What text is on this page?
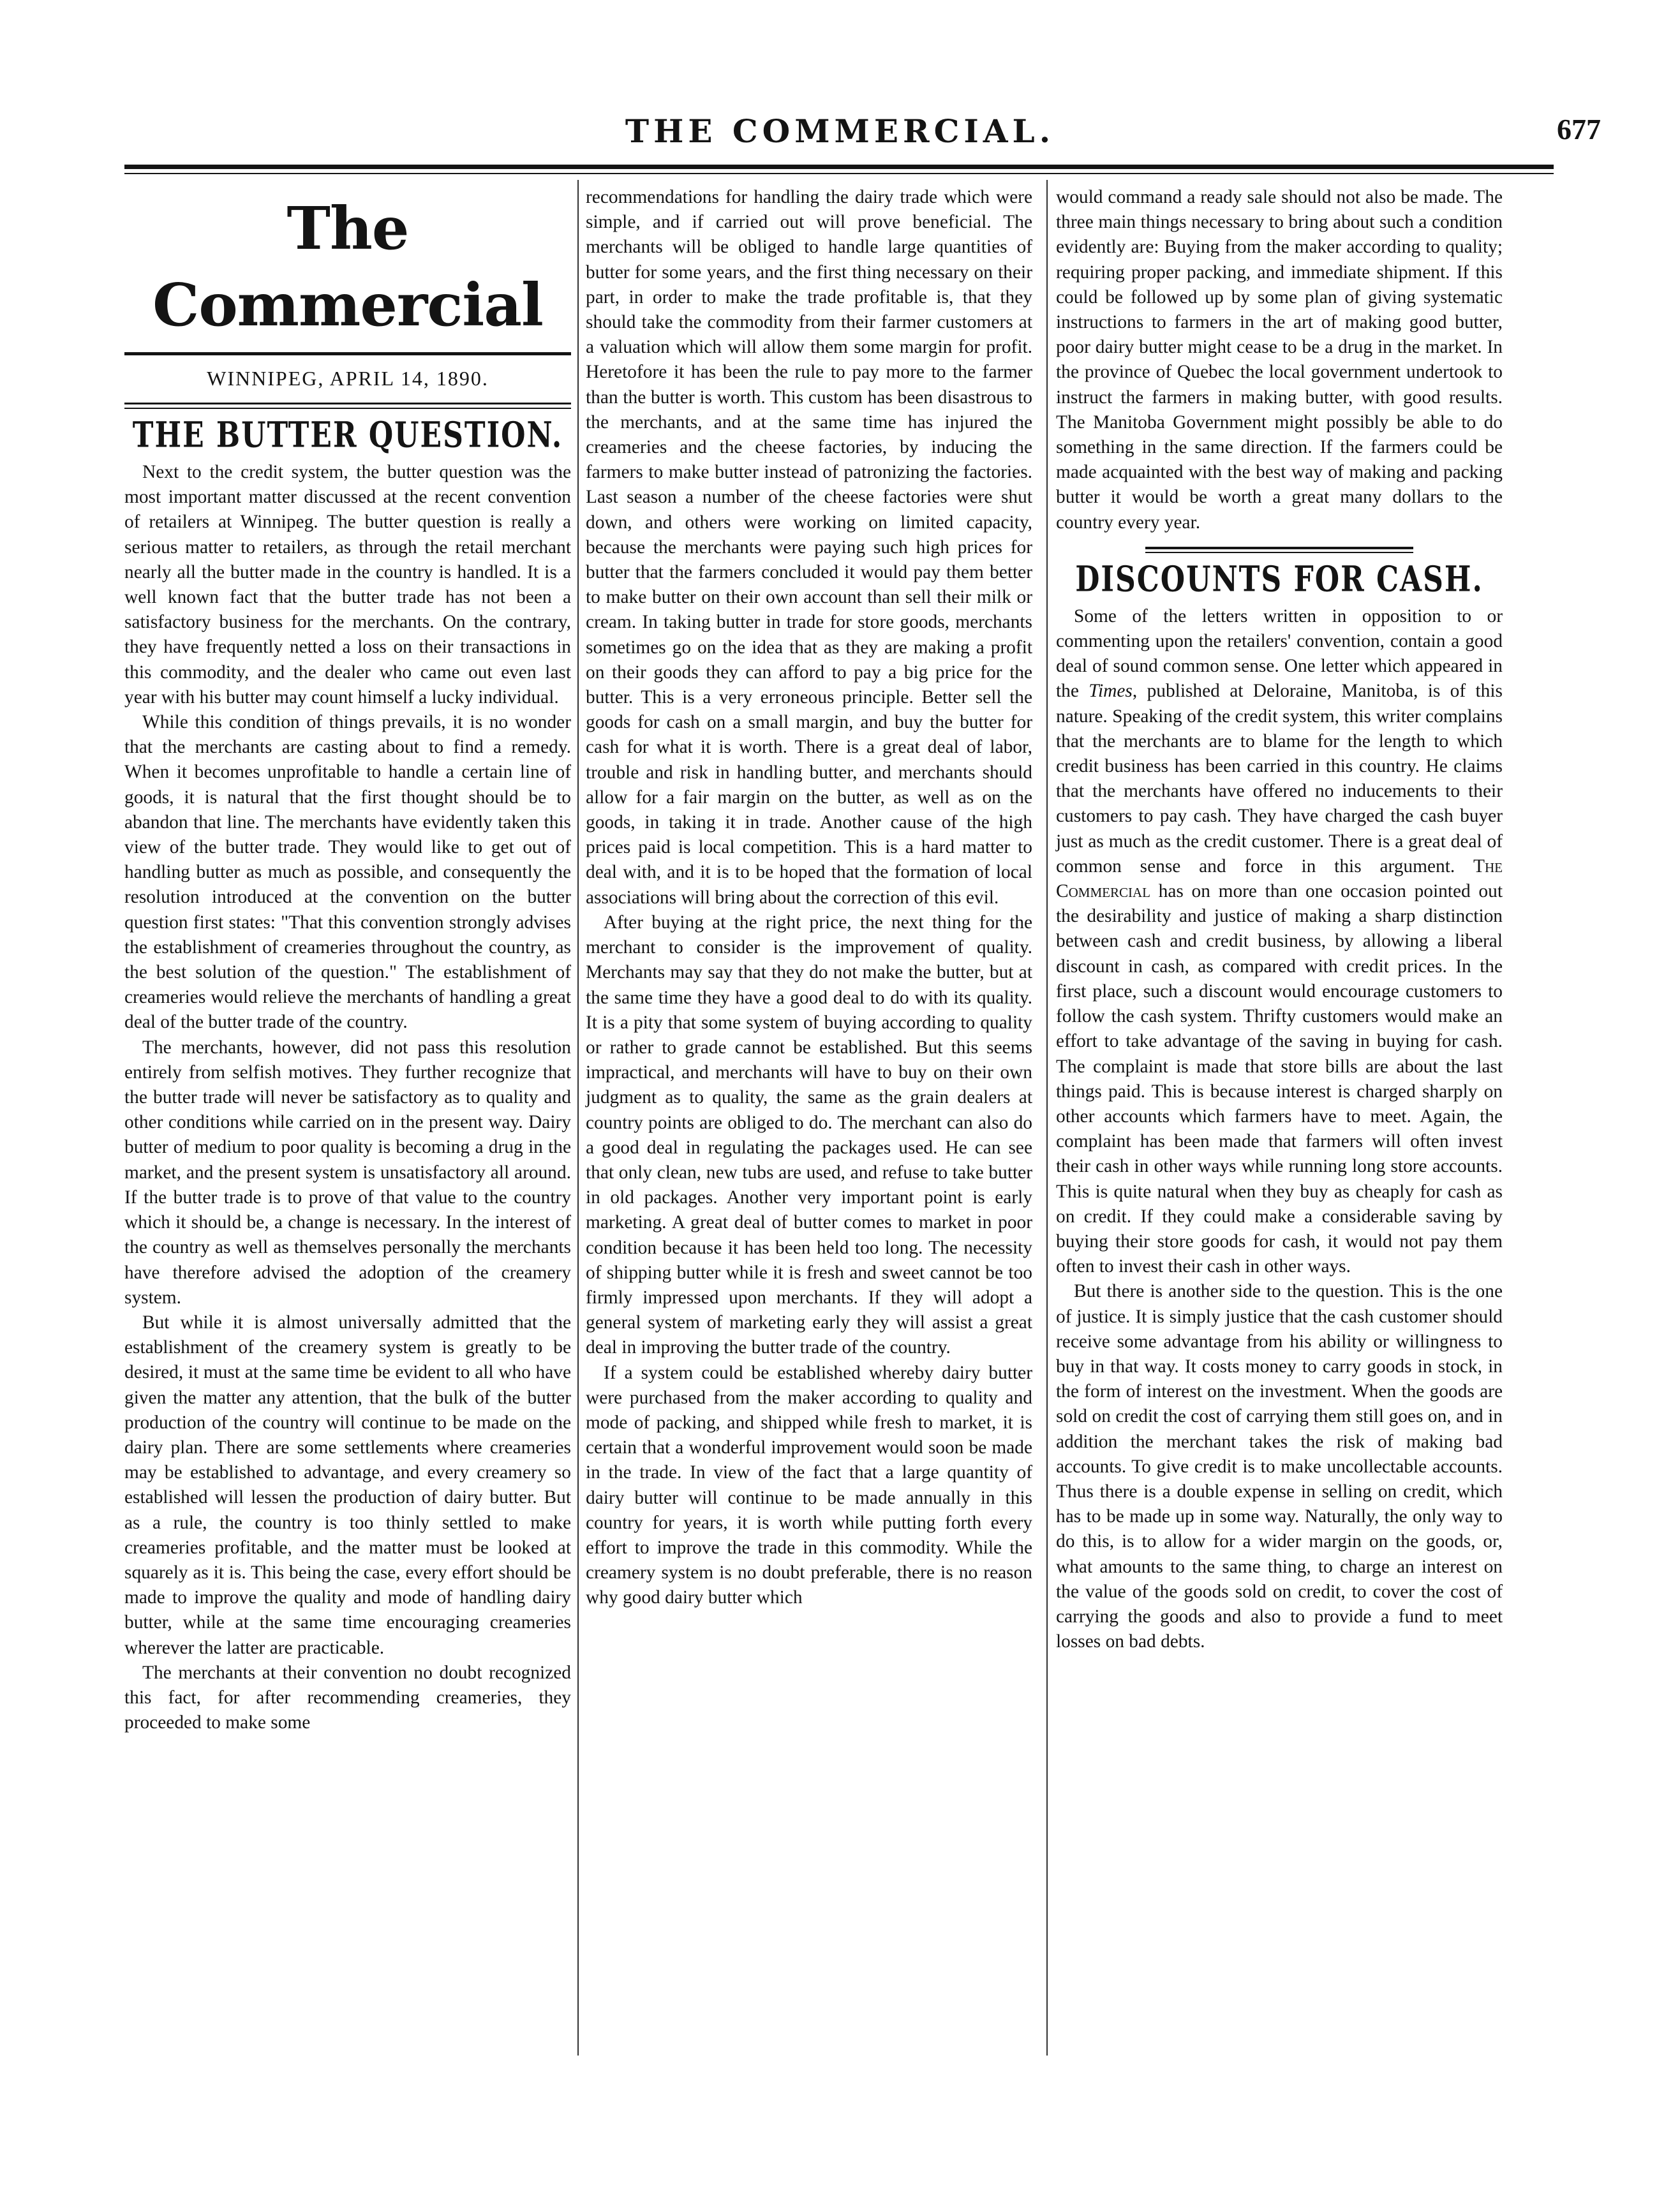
THE COMMERCIAL.	677
The Commercial
WINNIPEG, APRIL 14, 1890.
THE BUTTER QUESTION.

Next to the credit system, the butter question was the most important matter discussed at the recent convention of retailers at Winnipeg. The butter question is really a serious matter to retailers, as through the retail merchant nearly all the butter made in the country is handled. It is a well known fact that the butter trade has not been a satisfactory business for the merchants. On the contrary, they have frequently netted a loss on their transactions in this commodity, and the dealer who came out even last year with his butter may count himself a lucky individual.

While this condition of things prevails, it is no wonder that the merchants are casting about to find a remedy. When it becomes unprofitable to handle a certain line of goods, it is natural that the first thought should be to abandon that line. The merchants have evidently taken this view of the butter trade. They would like to get out of handling butter as much as possible, and consequently the resolution introduced at the convention on the butter question first states: "That this convention strongly advises the establishment of creameries throughout the country, as the best solution of the question." The establishment of creameries would relieve the merchants of handling a great deal of the butter trade of the country.

The merchants, however, did not pass this resolution entirely from selfish motives. They further recognize that the butter trade will never be satisfactory as to quality and other conditions while carried on in the present way. Dairy butter of medium to poor quality is becoming a drug in the market, and the present system is unsatisfactory all around. If the butter trade is to prove of that value to the country which it should be, a change is necessary. In the interest of the country as well as themselves personally the merchants have therefore advised the adoption of the creamery system.

But while it is almost universally admitted that the establishment of the creamery system is greatly to be desired, it must at the same time be evident to all who have given the matter any attention, that the bulk of the butter production of the country will continue to be made on the dairy plan. There are some settlements where creameries may be established to advantage, and every creamery so established will lessen the production of dairy butter. But as a rule, the country is too thinly settled to make creameries profitable, and the matter must be looked at squarely as it is. This being the case, every effort should be made to improve the quality and mode of handling dairy butter, while at the same time encouraging creameries wherever the latter are practicable.

The merchants at their convention no doubt recognized this fact, for after recommending creameries, they proceeded to make some

recommendations for handling the dairy trade which were simple, and if carried out will prove beneficial. The merchants will be obliged to handle large quantities of butter for some years, and the first thing necessary on their part, in order to make the trade profitable is, that they should take the commodity from their farmer customers at a valuation which will allow them some margin for profit. Heretofore it has been the rule to pay more to the farmer than the butter is worth. This custom has been disastrous to the merchants, and at the same time has injured the creameries and the cheese factories, by inducing the farmers to make butter instead of patronizing the factories. Last season a number of the cheese factories were shut down, and others were working on limited capacity, because the merchants were paying such high prices for butter that the farmers concluded it would pay them better to make butter on their own account than sell their milk or cream. In taking butter in trade for store goods, merchants sometimes go on the idea that as they are making a profit on their goods they can afford to pay a big price for the butter. This is a very erroneous principle. Better sell the goods for cash on a small margin, and buy the butter for cash for what it is worth. There is a great deal of labor, trouble and risk in handling butter, and merchants should allow for a fair margin on the butter, as well as on the goods, in taking it in trade. Another cause of the high prices paid is local competition. This is a hard matter to deal with, and it is to be hoped that the formation of local associations will bring about the correction of this evil.

After buying at the right price, the next thing for the merchant to consider is the improvement of quality. Merchants may say that they do not make the butter, but at the same time they have a good deal to do with its quality. It is a pity that some system of buying according to quality or rather to grade cannot be established. But this seems impractical, and merchants will have to buy on their own judgment as to quality, the same as the grain dealers at country points are obliged to do. The merchant can also do a good deal in regulating the packages used. He can see that only clean, new tubs are used, and refuse to take butter in old packages. Another very important point is early marketing. A great deal of butter comes to market in poor condition because it has been held too long. The necessity of shipping butter while it is fresh and sweet cannot be too firmly impressed upon merchants. If they will adopt a general system of marketing early they will assist a great deal in improving the butter trade of the country.

If a system could be established whereby dairy butter were purchased from the maker according to quality and mode of packing, and shipped while fresh to market, it is certain that a wonderful improvement would soon be made in the trade. In view of the fact that a large quantity of dairy butter will continue to be made annually in this country for years, it is worth while putting forth every effort to improve the trade in this commodity. While the creamery system is no doubt preferable, there is no reason why good dairy butter which

would command a ready sale should not also be made. The three main things necessary to bring about such a condition evidently are: Buying from the maker according to quality; requiring proper packing, and immediate shipment. If this could be followed up by some plan of giving systematic instructions to farmers in the art of making good butter, poor dairy butter might cease to be a drug in the market. In the province of Quebec the local government undertook to instruct the farmers in making butter, with good results. The Manitoba Government might possibly be able to do something in the same direction. If the farmers could be made acquainted with the best way of making and packing butter it would be worth a great many dollars to the country every year.

DISCOUNTS FOR CASH.

Some of the letters written in opposition to or commenting upon the retailers' convention, contain a good deal of sound common sense. One letter which appeared in the Times, published at Deloraine, Manitoba, is of this nature. Speaking of the credit system, this writer complains that the merchants are to blame for the length to which credit business has been carried in this country. He claims that the merchants have offered no inducements to their customers to pay cash. They have charged the cash buyer just as much as the credit customer. There is a great deal of common sense and force in this argument. The Commercial has on more than one occasion pointed out the desirability and justice of making a sharp distinction between cash and credit business, by allowing a liberal discount in cash, as compared with credit prices. In the first place, such a discount would encourage customers to follow the cash system. Thrifty customers would make an effort to take advantage of the saving in buying for cash. The complaint is made that store bills are about the last things paid. This is because interest is charged sharply on other accounts which farmers have to meet. Again, the complaint has been made that farmers will often invest their cash in other ways while running long store accounts. This is quite natural when they buy as cheaply for cash as on credit. If they could make a considerable saving by buying their store goods for cash, it would not pay them often to invest their cash in other ways.

But there is another side to the question. This is the one of justice. It is simply justice that the cash customer should receive some advantage from his ability or willingness to buy in that way. It costs money to carry goods in stock, in the form of interest on the investment. When the goods are sold on credit the cost of carrying them still goes on, and in addition the merchant takes the risk of making bad accounts. To give credit is to make uncollectable accounts. Thus there is a double expense in selling on credit, which has to be made up in some way. Naturally, the only way to do this, is to allow for a wider margin on the goods, or, what amounts to the same thing, to charge an interest on the value of the goods sold on credit, to cover the cost of carrying the goods and also to provide a fund to meet losses on bad debts.
